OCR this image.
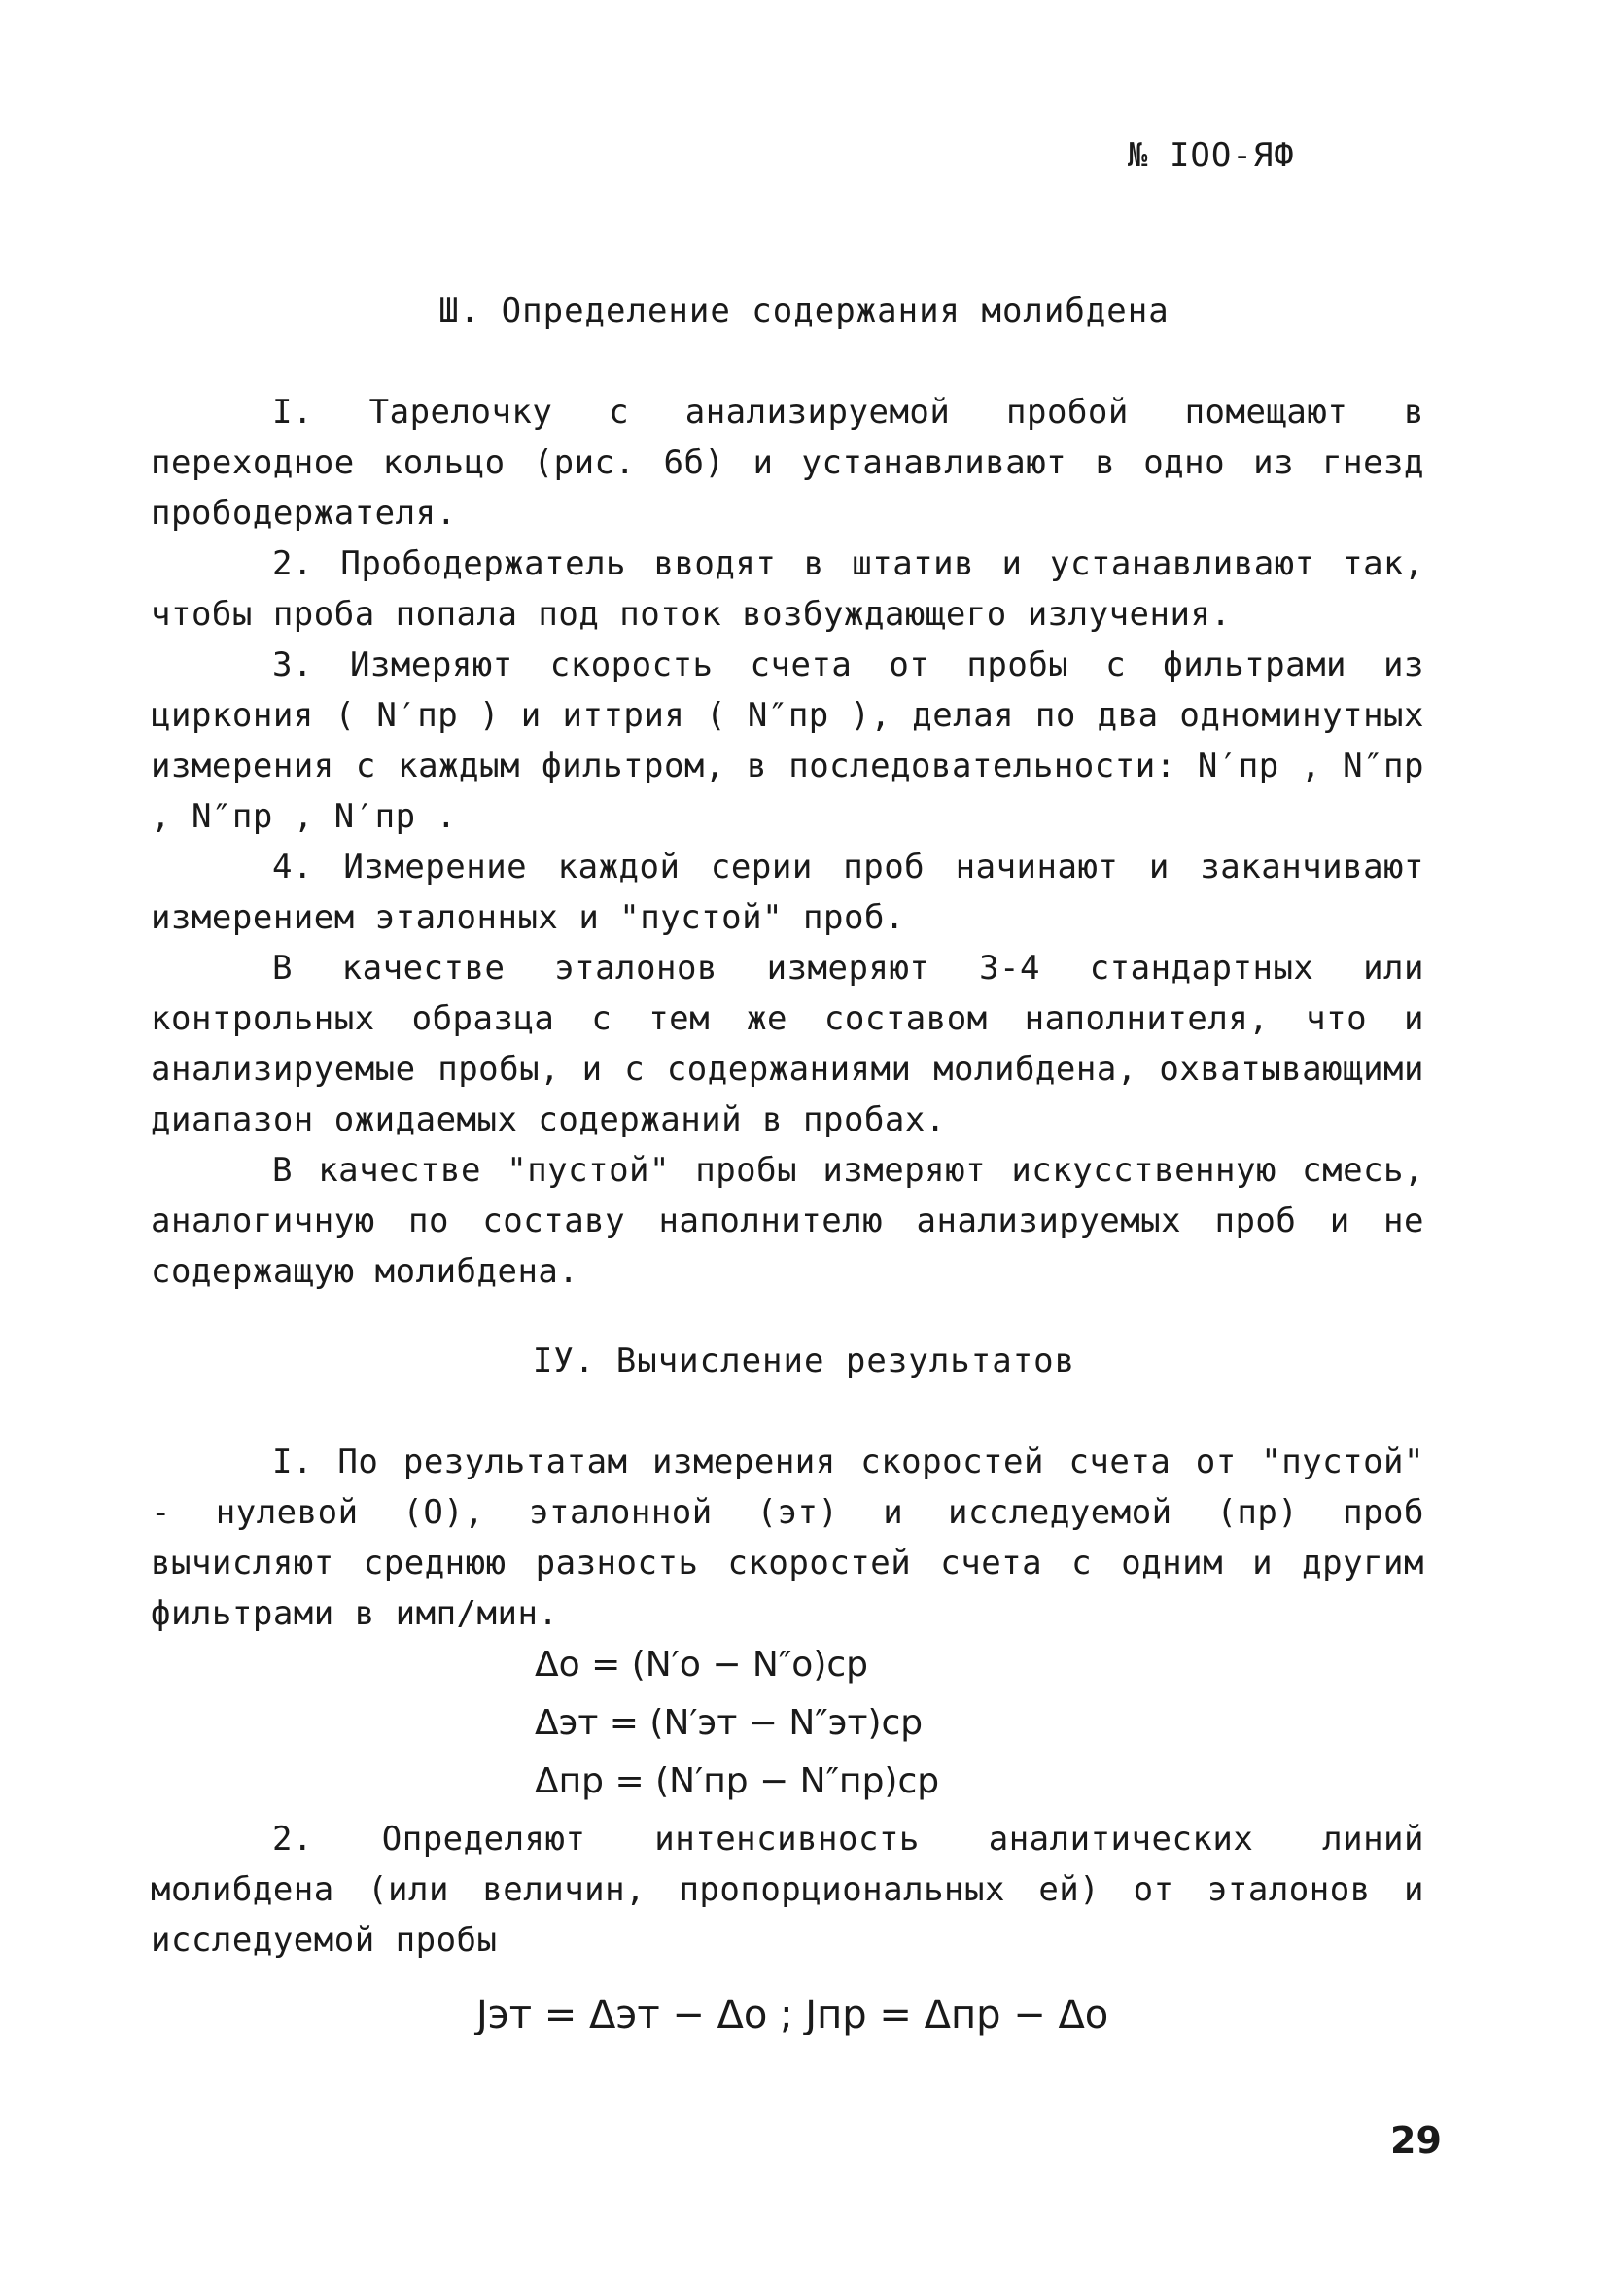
№ IOO-ЯФ
Ш. Определение содержания молибдена
I. Тарелочку с анализируемой пробой помещают в переходное кольцо (рис. 6б) и устанавливают в одно из гнезд прободержателя.
2. Прободержатель вводят в штатив и устанавливают так, чтобы проба попала под поток возбуждающего излучения.
3. Измеряют скорость счета от пробы с фильтрами из циркония ( N′пр ) и иттрия ( N″пр ), делая по два одноминутных измерения с каждым фильтром, в последовательности: N′пр , N″пр , N″пр , N′пр .
4. Измерение каждой серии проб начинают и заканчивают измерением эталонных и "пустой" проб.
В качестве эталонов измеряют 3-4 стандартных или контрольных образца с тем же составом наполнителя, что и анализируемые пробы, и с содержаниями молибдена, охватывающими диапазон ожидаемых содержаний в пробах.
В качестве "пустой" пробы измеряют искусственную смесь, аналогичную по составу наполнителю анализируемых проб и не содержащую молибдена.
IУ. Вычисление результатов
I. По результатам измерения скоростей счета от "пустой" - нулевой (О), эталонной (эт) и исследуемой (пр) проб вычисляют среднюю разность скоростей счета с одним и другим фильтрами в имп/мин.
Δo = (N′o − N″o)ср
Δэт = (N′эт − N″эт)ср
Δпр = (N′пр − N″пр)ср
2. Определяют интенсивность аналитических линий молибдена (или величин, пропорциональных ей) от эталонов и исследуемой пробы
Jэт = Δэт − Δo ; Jпр = Δпр − Δo
29
